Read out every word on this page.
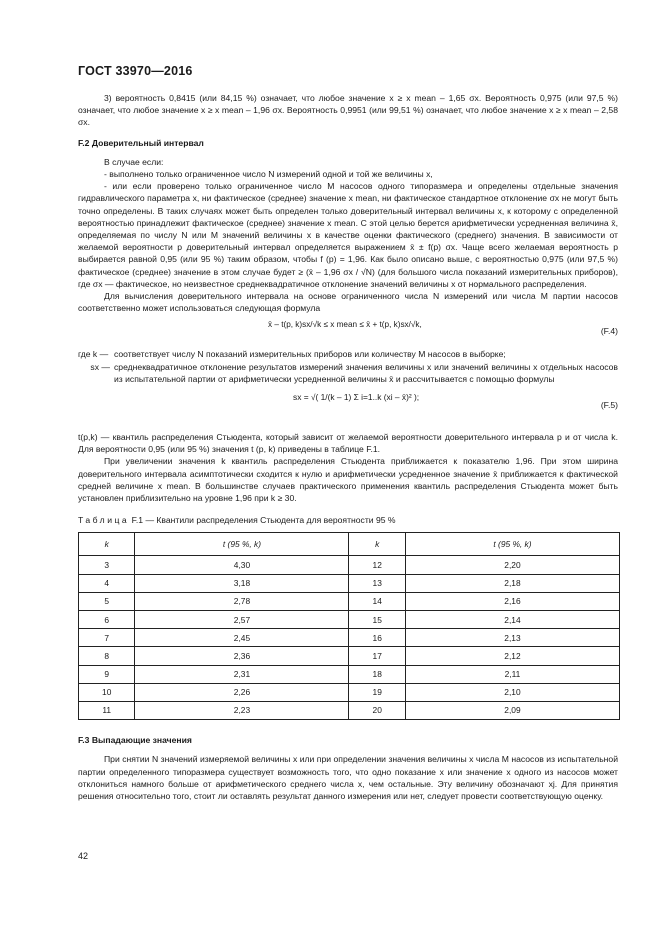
ГОСТ 33970—2016

3) вероятность 0,8415 (или 84,15 %) означает, что любое значение x ≥ x mean – 1,65 σx. Вероятность 0,975 (или 97,5 %) означает, что любое значение x ≥ x mean – 1,96 σx. Вероятность 0,9951 (или 99,51 %) означает, что любое значение x ≥ x mean – 2,58 σx.

F.2 Доверительный интервал

В случае если:

- выполнено только ограниченное число N измерений одной и той же величины x,

- или если проверено только ограниченное число M насосов одного типоразмера и определены отдельные значения гидравлического параметра x, ни фактическое (среднее) значение x mean, ни фактическое стандартное отклонение σx не могут быть точно определены. В таких случаях может быть определен только доверительный интервал величины x, к которому с определенной вероятностью принадлежит фактическое (среднее) значение x mean. С этой целью берется арифметически усредненная величина x̄, определяемая по числу N или M значений величины x в качестве оценки фактического (среднего) значения. В зависимости от желаемой вероятности p доверительный интервал определяется выражением x̄ ± f(p) σx. Чаще всего желаемая вероятность p выбирается равной 0,95 (или 95 %) таким образом, чтобы f (p) = 1,96. Как было описано выше, с вероятностью 0,975 (или 97,5 %) фактическое (среднее) значение в этом случае будет ≥ (x̄ – 1,96 σx / √N) (для большого числа показаний измерительных приборов), где σx — фактическое, но неизвестное среднеквадратичное отклонение значений величины x от нормального распределения.

Для вычисления доверительного интервала на основе ограниченного числа N измерений или числа M партии насосов соответственно может использоваться следующая формула

x̄ – t(p, k)sx/√k ≤ x mean ≤ x̄ + t(p, k)sx/√k,
(F.4)
где k — соответствует числу N показаний измерительных приборов или количеству M насосов в выборке;
sx — среднеквадратичное отклонение результатов измерений значения величины x или значений величины x отдельных насосов из испытательной партии от арифметически усредненной величины x̄ и рассчитывается с помощью формулы
sx = √( 1/(k – 1) Σ i=1..k (xi – x̄)² );
(F.5)

t(p,k) — квантиль распределения Стьюдента, который зависит от желаемой вероятности доверительного интервала p и от числа k. Для вероятности 0,95 (или 95 %) значения t (p, k) приведены в таблице F.1.

При увеличении значения k квантиль распределения Стьюдента приближается к показателю 1,96. При этом ширина доверительного интервала асимптотически сходится к нулю и арифметически усредненное значение x̄ приближается к фактической средней величине x mean. В большинстве случаев практического применения квантиль распределения Стьюдента может быть установлен приблизительно на уровне 1,96 при k ≥ 30.

Таблица F.1 — Квантили распределения Стьюдента для вероятности 95 %

k	t (95 %, k)	k	t (95 %, k)
3	4,30	12	2,20
4	3,18	13	2,18
5	2,78	14	2,16
6	2,57	15	2,14
7	2,45	16	2,13
8	2,36	17	2,12
9	2,31	18	2,11
10	2,26	19	2,10
11	2,23	20	2,09

F.3 Выпадающие значения

При снятии N значений измеряемой величины x или при определении значения величины x числа M насосов из испытательной партии определенного типоразмера существует возможность того, что одно показание x или значение x одного из насосов может отклониться намного больше от арифметического среднего числа x, чем остальные. Эту величину обозначают xj. Для принятия решения относительно того, стоит ли оставлять результат данного измерения или нет, следует провести соответствующую оценку.

42
